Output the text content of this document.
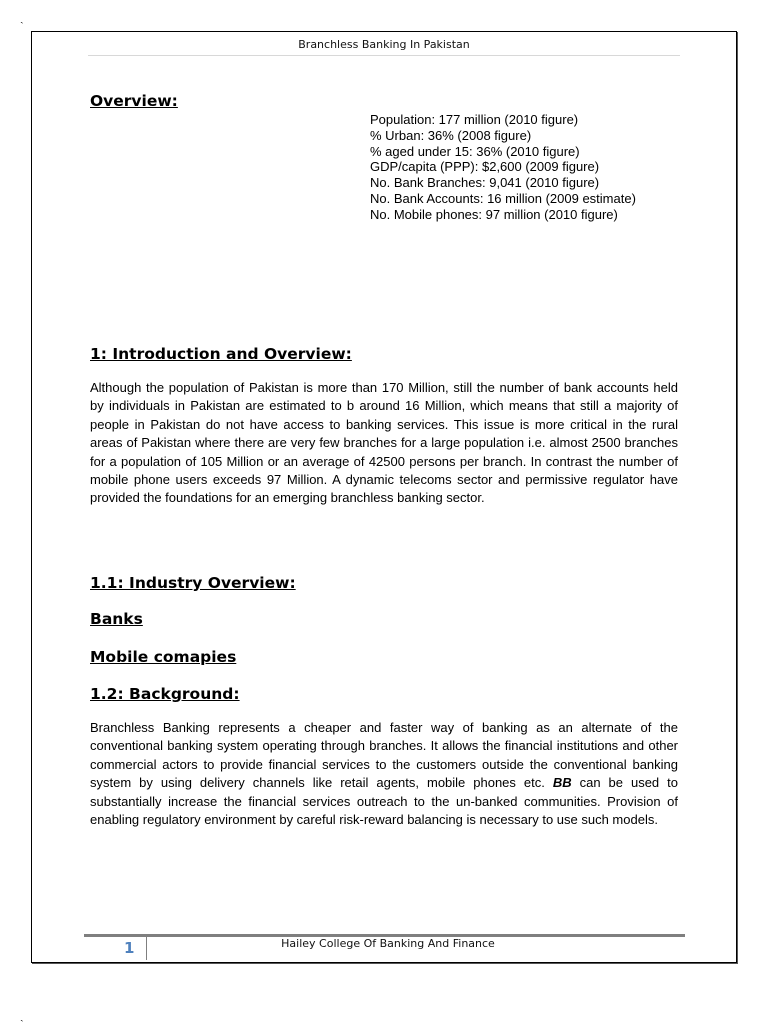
ˎ
ˎ
Branchless Banking In Pakistan
Overview:
Population: 177 million (2010 figure)
% Urban: 36% (2008 figure)
% aged under 15: 36% (2010 figure)
GDP/capita (PPP): $2,600 (2009 figure)
No. Bank Branches: 9,041 (2010 figure)
No. Bank Accounts: 16 million (2009 estimate)
No. Mobile phones: 97 million (2010 figure)
1: Introduction and Overview:

Although the population of Pakistan is more than 170 Million, still the number of bank accounts held by individuals in Pakistan are estimated to b around 16 Million, which means that still a majority of people in Pakistan do not have access to banking services. This issue is more critical in the rural areas of Pakistan where there are very few branches for a large population i.e. almost 2500 branches for a population of 105 Million or an average of 42500 persons per branch. In contrast the number of mobile phone users exceeds 97 Million. A dynamic telecoms sector and permissive regulator have provided the foundations for an emerging branchless banking sector.

1.1: Industry Overview:
Banks
Mobile comapies
1.2: Background:

Branchless Banking represents a cheaper and faster way of banking as an alternate of the conventional banking system operating through branches. It allows the financial institutions and other commercial actors to provide financial services to the customers outside the conventional banking system by using delivery channels like retail agents, mobile phones etc. BB can be used to substantially increase the financial services outreach to the un-banked communities. Provision of enabling regulatory environment by careful risk-reward balancing is necessary to use such models.

1	Hailey College Of Banking And Finance
